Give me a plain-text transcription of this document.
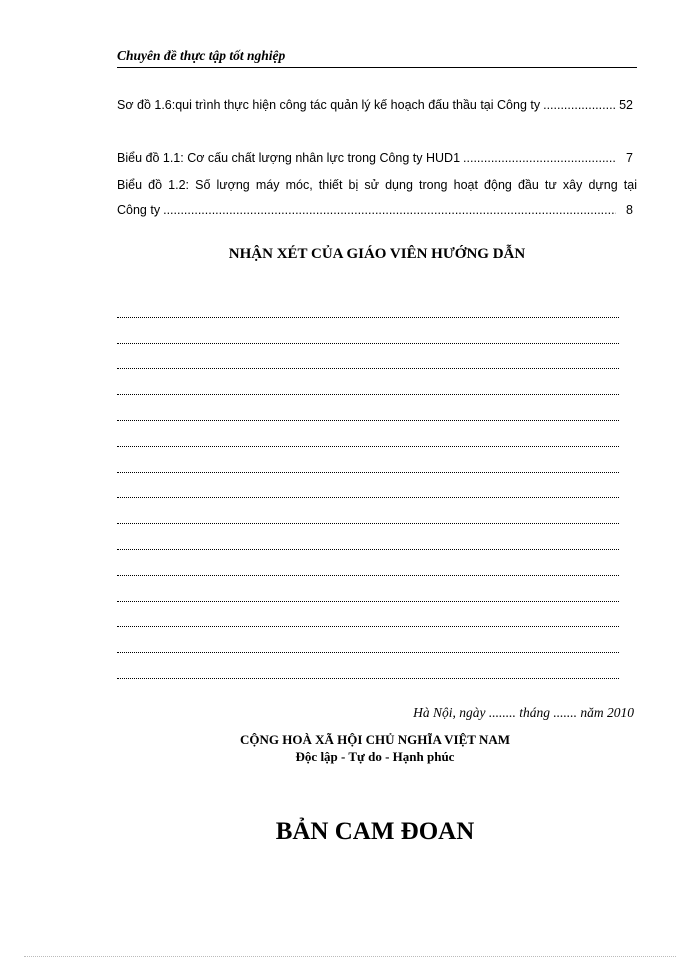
Chuyên đề thực tập tốt nghiệp
Sơ đồ 1.6:qui trình thực hiện công tác quản lý kế hoạch đấu thầu tại Công ty .....	52
Biểu đồ 1.1: Cơ cấu chất lượng nhân lực trong Công ty HUD1 .....	7
Biểu đồ 1.2: Số lượng máy móc, thiết bị sử dụng trong hoạt động đầu tư xây dựng tại
Công ty .....	8
NHẬN XÉT CỦA GIÁO VIÊN HƯỚNG DẪN
Hà Nội, ngày ........ tháng ....... năm 2010
CỘNG HOÀ XÃ HỘI CHỦ NGHĨA VIỆT NAM
Độc lập - Tự do - Hạnh phúc
BẢN CAM ĐOAN
